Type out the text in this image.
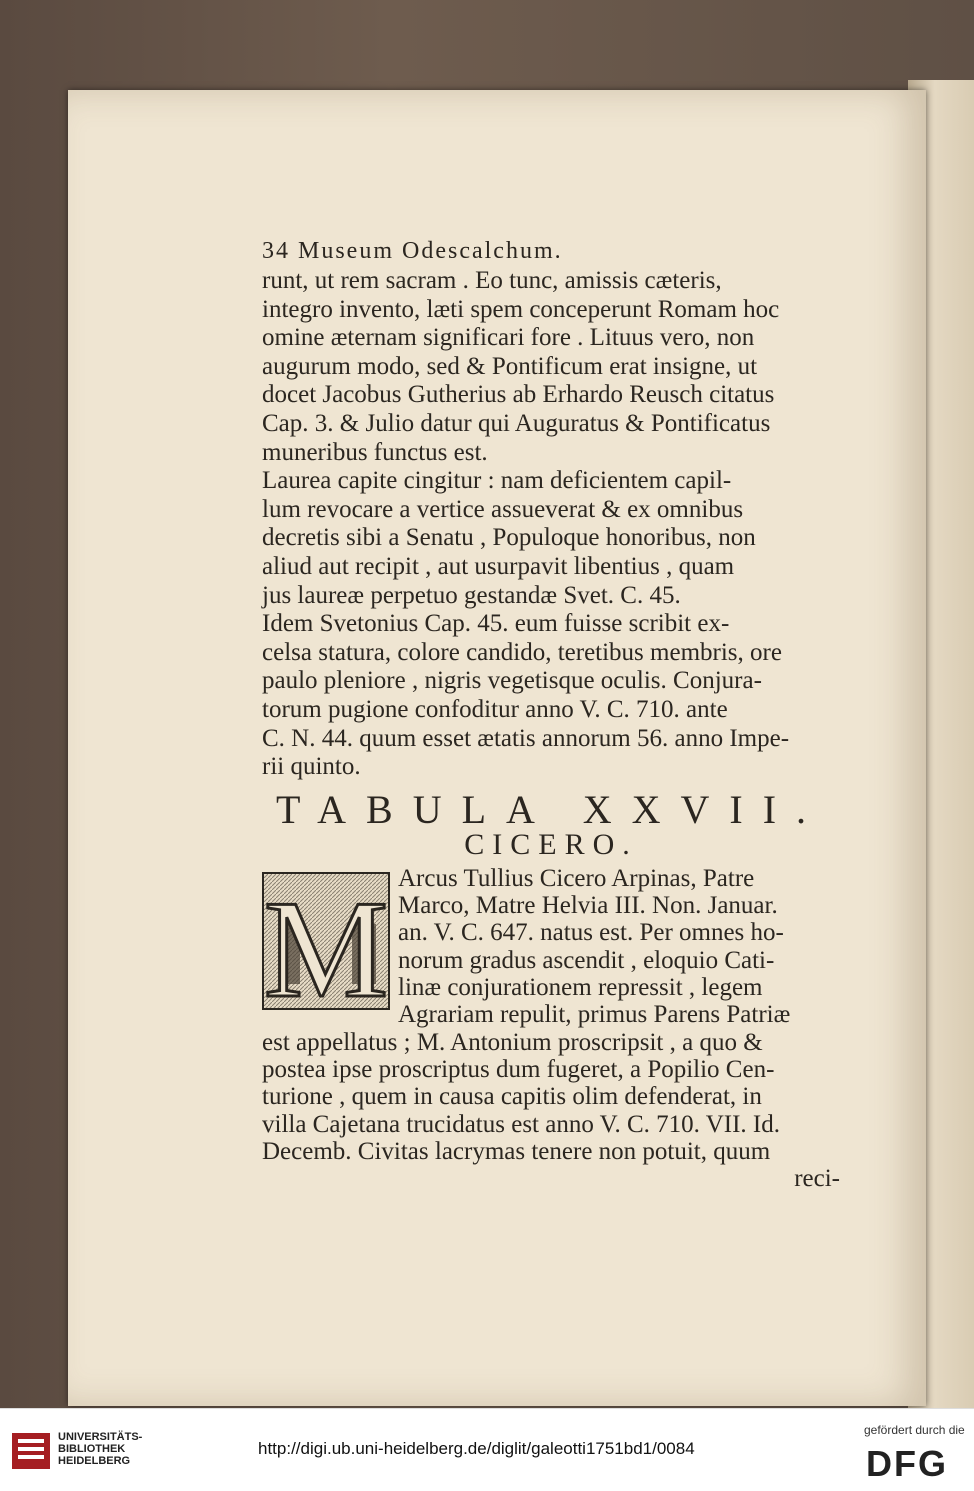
34 Museum Odescalchum.
runt, ut rem sacram . Eo tunc, amissis cæteris,
integro invento, læti spem conceperunt Romam hoc
omine æternam significari fore . Lituus vero, non
augurum modo, sed & Pontificum erat insigne, ut
docet Jacobus Gutherius ab Erhardo Reusch citatus
Cap. 3. & Julio datur qui Auguratus & Pontificatus
muneribus functus est.
Laurea capite cingitur : nam deficientem capil-
lum revocare a vertice assueverat & ex omnibus
decretis sibi a Senatu , Populoque honoribus, non
aliud aut recipit , aut usurpavit libentius , quam
jus laureæ perpetuo gestandæ Svet. C. 45.
Idem Svetonius Cap. 45. eum fuisse scribit ex-
celsa statura, colore candido, teretibus membris, ore
paulo pleniore , nigris vegetisque oculis. Conjura-
torum pugione confoditur anno V. C. 710. ante
C. N. 44. quum esset ætatis annorum 56. anno Impe-
rii quinto.
TABULA XXVII.
CICERO.
M Arcus Tullius Cicero Arpinas, Patre
Marco, Matre Helvia III. Non. Januar.
an. V. C. 647. natus est. Per omnes ho-
norum gradus ascendit , eloquio Cati-
linæ conjurationem repressit , legem
Agrariam repulit, primus Parens Patriæ
est appellatus ; M. Antonium proscripsit , a quo &
postea ipse proscriptus dum fugeret, a Popilio Cen-
turione , quem in causa capitis olim defenderat, in
villa Cajetana trucidatus est anno V. C. 710. VII. Id.
Decemb. Civitas lacrymas tenere non potuit, quum
reci-
UNIVERSITÄTS-
BIBLIOTHEK
HEIDELBERG
http://digi.ub.uni-heidelberg.de/diglit/galeotti1751bd1/0084
gefördert durch die
DFG
